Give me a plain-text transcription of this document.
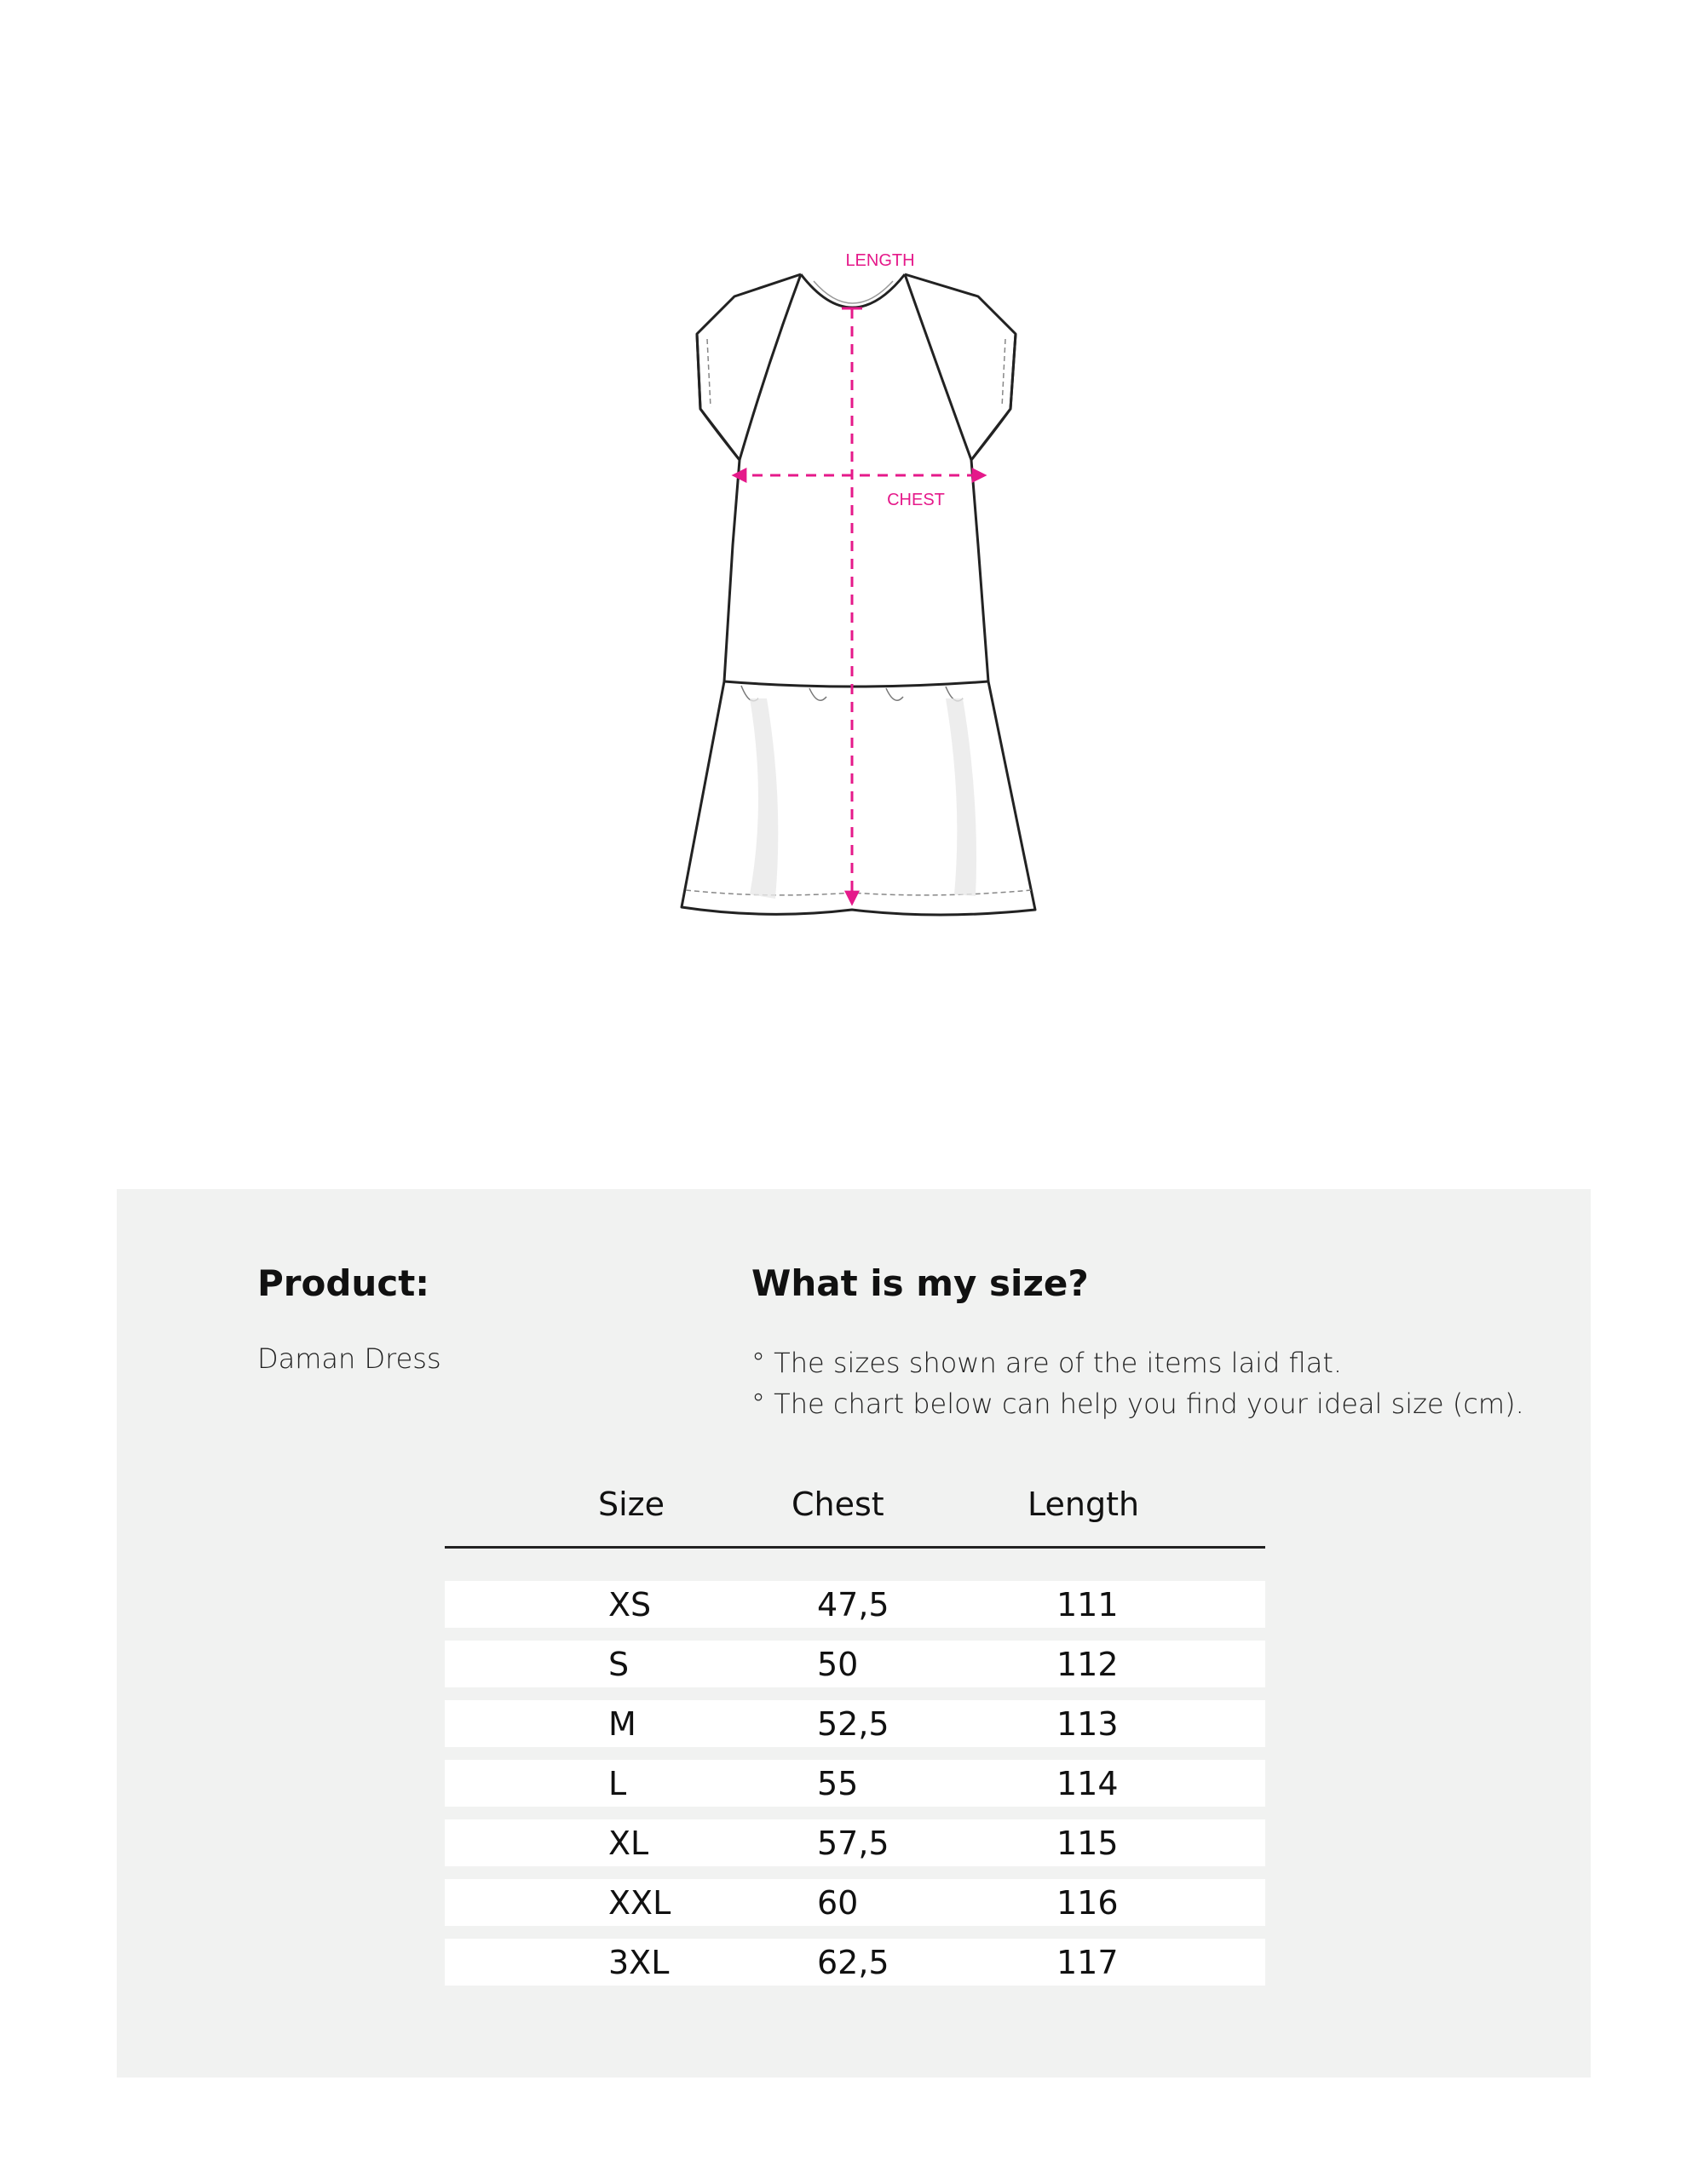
LENGTH
CHEST
Product:
Daman Dress
What is my size?
° The sizes shown are of the items laid flat.
° The chart below can help you find your ideal size (cm).
Size	Chest	Length
XS	47,5	111
S	50	112
M	52,5	113
L	55	114
XL	57,5	115
XXL	60	116
3XL	62,5	117
